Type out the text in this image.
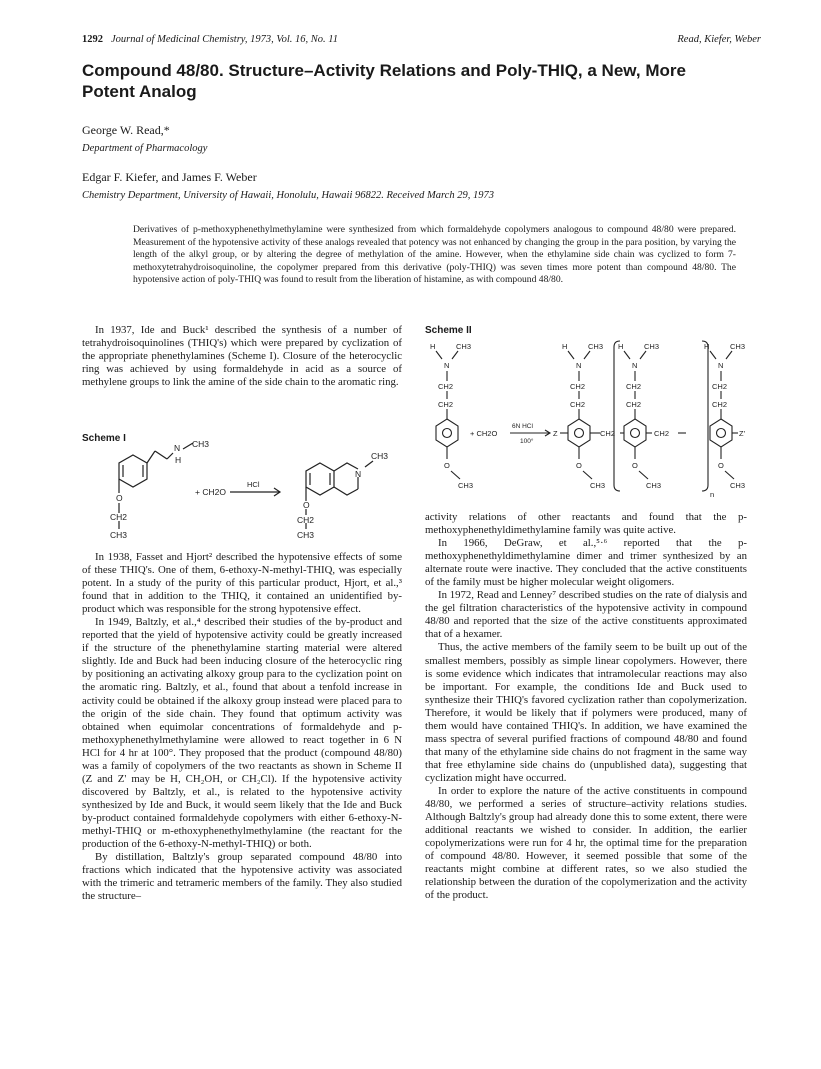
1292 Journal of Medicinal Chemistry, 1973, Vol. 16, No. 11	Read, Kiefer, Weber
Compound 48/80. Structure–Activity Relations and Poly-THIQ, a New, More Potent Analog
George W. Read,*
Department of Pharmacology
Edgar F. Kiefer, and James F. Weber
Chemistry Department, University of Hawaii, Honolulu, Hawaii 96822. Received March 29, 1973
Derivatives of p-methoxyphenethylmethylamine were synthesized from which formaldehyde copolymers analogous to compound 48/80 were prepared. Measurement of the hypotensive activity of these analogs revealed that potency was not enhanced by changing the group in the para position, by varying the length of the alkyl group, or by altering the degree of methylation of the amine. However, when the ethylamine side chain was cyclized to form 7-methoxytetrahydroisoquinoline, the copolymer prepared from this derivative (poly-THIQ) was seven times more potent than compound 48/80. The hypotensive action of poly-THIQ was found to result from the liberation of histamine, as with compound 48/80.

In 1937, Ide and Buck¹ described the synthesis of a number of tetrahydroisoquinolines (THIQ's) which were prepared by cyclization of the appropriate phenethylamines (Scheme I). Closure of the heterocyclic ring was achieved by using formaldehyde in acid as a source of methylene groups to link the amine of the side chain to the aromatic ring.

Scheme I
N CH3
H
O
CH2
CH3
+ CH2O
HCl
N
CH3
O
CH2
CH3

In 1938, Fasset and Hjort² described the hypotensive effects of some of these THIQ's. One of them, 6-ethoxy-N-methyl-THIQ, was especially potent. In a study of the purity of this particular product, Hjort, et al.,³ found that in addition to the THIQ, it contained an unidentified by-product which was responsible for the strong hypotensive effect.

In 1949, Baltzly, et al.,⁴ described their studies of the by-product and reported that the yield of hypotensive activity could be greatly increased if the structure of the phenethylamine starting material were altered slightly. Ide and Buck had been inducing closure of the heterocyclic ring by positioning an activating alkoxy group para to the cyclization point on the aromatic ring. Baltzly, et al., found that about a tenfold increase in activity could be obtained if the alkoxy group instead were placed para to the origin of the side chain. They found that optimum activity was obtained when equimolar concentrations of formaldehyde and p-methoxyphenethylmethylamine were allowed to react together in 6 N HCl for 4 hr at 100°. They proposed that the product (compound 48/80) was a family of copolymers of the two reactants as shown in Scheme II (Z and Z' may be H, CH₂OH, or CH₂Cl). If the hypotensive activity discovered by Baltzly, et al., is related to the hypotensive activity synthesized by Ide and Buck, it would seem likely that the Ide and Buck by-product contained formaldehyde copolymers with either 6-ethoxy-N-methyl-THIQ or m-ethoxyphenethylmethylamine (the reactant for the production of the 6-ethoxy-N-methyl-THIQ) or both.

By distillation, Baltzly's group separated compound 48/80 into fractions which indicated that the hypotensive activity was associated with the trimeric and tetrameric members of the family. They also studied the structure–

Scheme II
H	CH3
N
CH2
CH2
O
CH3
+ CH2O
6N HCl
100°
H	CH3
N
CH2
CH2
Z	CH2
O
CH3
H	CH3
N
CH2
CH2
CH2
O
CH3
n
H	CH3
N
CH2
CH2
Z'
O
CH3

activity relations of other reactants and found that the p-methoxyphenethyldimethylamine family was quite active.

In 1966, DeGraw, et al.,⁵·⁶ reported that the p-methoxyphenethyldimethylamine dimer and trimer synthesized by an alternate route were inactive. They concluded that the active constituents of the family must be higher molecular weight oligomers.

In 1972, Read and Lenney⁷ described studies on the rate of dialysis and the gel filtration characteristics of the hypotensive activity in compound 48/80 and reported that the size of the active constituents approximated that of a hexamer.

Thus, the active members of the family seem to be built up out of the smallest members, possibly as simple linear copolymers. However, there is some evidence which indicates that intramolecular reactions may also be important. For example, the conditions Ide and Buck used to synthesize their THIQ's favored cyclization rather than copolymerization. Therefore, it would be likely that if polymers were produced, many of them would have contained THIQ's. In addition, we have examined the mass spectra of several purified fractions of compound 48/80 and found that many of the ethylamine side chains do not fragment in the same way that free ethylamine side chains do (unpublished data), suggesting that cyclization might have occurred.

In order to explore the nature of the active constituents in compound 48/80, we performed a series of structure–activity relations studies. Although Baltzly's group had already done this to some extent, there were additional reactants we wished to consider. In addition, the earlier copolymerizations were run for 4 hr, the optimal time for the preparation of compound 48/80. However, it seemed possible that some of the reactants might combine at different rates, so we also studied the relationship between the duration of the copolymerization and the activity of the product.
